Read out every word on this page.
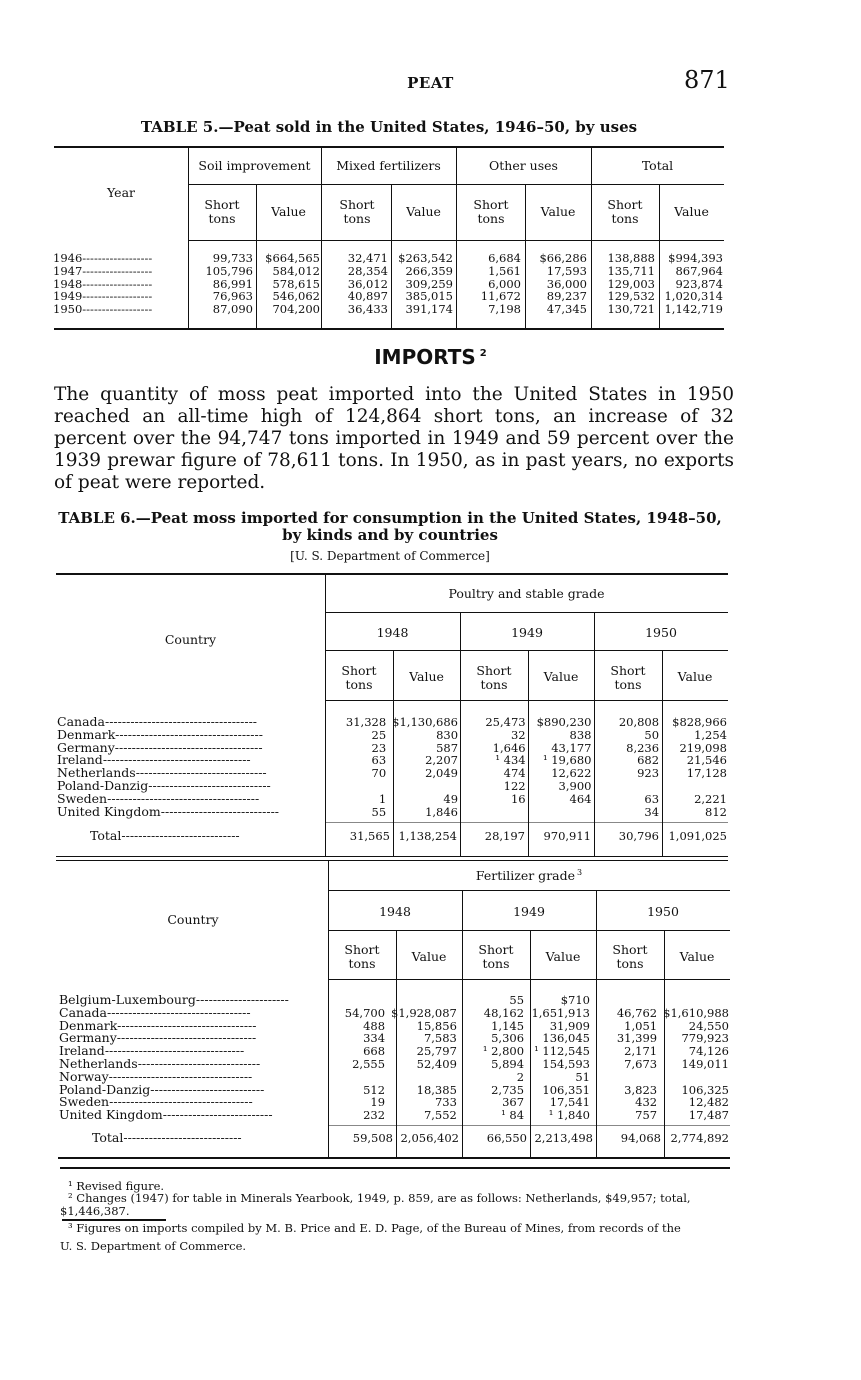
PEAT	871
TABLE 5.—Peat sold in the United States, 1946–50, by uses
Year
Soil improvement	Mixed fertilizers	Other uses	Total
Short tons	Value	Short tons	Value	Short tons	Value	Short tons	Value
1946------------------	99,733	$664,565	32,471	$263,542	6,684	$66,286	138,888	$994,393
1947------------------	105,796	584,012	28,354	266,359	1,561	17,593	135,711	867,964
1948------------------	86,991	578,615	36,012	309,259	6,000	36,000	129,003	923,874
1949------------------	76,963	546,062	40,897	385,015	11,672	89,237	129,532	1,020,314
1950------------------	87,090	704,200	36,433	391,174	7,198	47,345	130,721	1,142,719
IMPORTS $^2$
The quantity of moss peat imported into the United States in 1950 reached an all-time high of 124,864 short tons, an increase of 32 percent over the 94,747 tons imported in 1949 and 59 percent over the 1939 prewar figure of 78,611 tons. In 1950, as in past years, no exports of peat were reported.
TABLE 6.—Peat moss imported for consumption in the United States, 1948–50,
by kinds and by countries
[U. S. Department of Commerce]
Poultry and stable grade
Country	1948	1949	1950
Short tons
Value	Short tons
Value	Short tons
Value
Canada------------------------------------	31,328	$1,130,686	25,473	$890,230	20,808	$828,966
Denmark-----------------------------------	25	830	32	838	50	1,254
Germany-----------------------------------	23	587	1,646	43,177	8,236	219,098
Ireland-----------------------------------	63	2,207	¹ 434	¹ 19,680	682	21,546
Netherlands-------------------------------	70	2,049	474	12,622	923	17,128
Poland-Danzig-----------------------------			122	3,900		
Sweden------------------------------------	1	49	16	464	63	2,221
United Kingdom----------------------------	55	1,846			34	812
Total----------------------------	31,565	1,138,254	28,197	970,911	30,796	1,091,025
Fertilizer grade $^3$
Country
1948	1949	1950
Short tons	Value	Short tons	Value	Short tons	Value
Belgium-Luxembourg----------------------			55	$710		
Canada----------------------------------	54,700	$1,928,087	48,162	1,651,913	46,762	$1,610,988
Denmark---------------------------------	488	15,856	1,145	31,909	1,051	24,550
Germany---------------------------------	334	7,583	5,306	136,045	31,399	779,923
Ireland---------------------------------	668	25,797	¹ 2,800	¹ 112,545	2,171	74,126
Netherlands-----------------------------	2,555	52,409	5,894	154,593	7,673	149,011
Norway----------------------------------			2	51		
Poland-Danzig---------------------------	512	18,385	2,735	106,351	3,823	106,325
Sweden----------------------------------	19	733	367	17,541	432	12,482
United Kingdom--------------------------	232	7,552	¹ 84	¹ 1,840	757	17,487
Total----------------------------	59,508	2,056,402	66,550	2,213,498	94,068	2,774,892
¹ Revised figure.
² Changes (1947) for table in Minerals Yearbook, 1949, p. 859, are as follows: Netherlands, $49,957; total,
$1,446,387.
³ Figures on imports compiled by M. B. Price and E. D. Page, of the Bureau of Mines, from records of the
U. S. Department of Commerce.
